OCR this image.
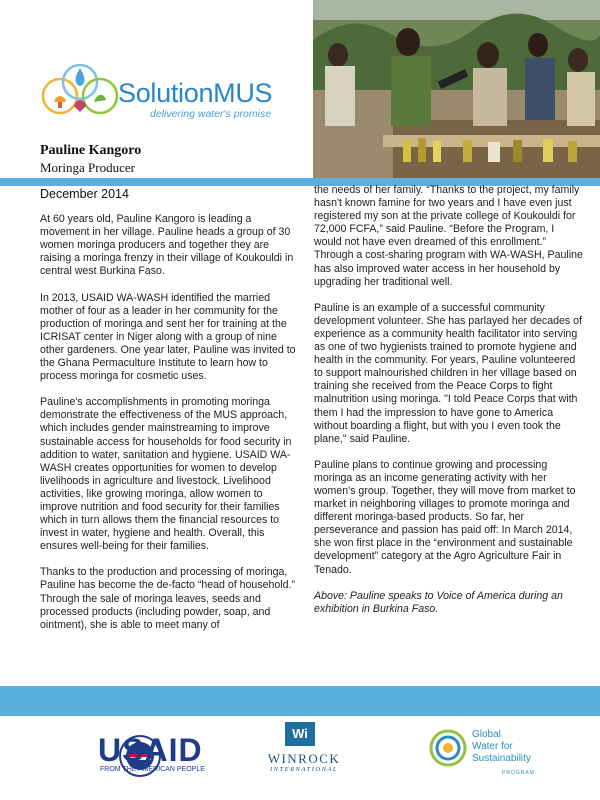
SolutionMUS
delivering water's promise
Pauline Kangoro
Moringa Producer

December 2014

At 60 years old, Pauline Kangoro is leading a movement in her village. Pauline heads a group of 30 women moringa producers and together they are raising a moringa frenzy in their village of Koukouldi in central west Burkina Faso.

In 2013, USAID WA-WASH identified the married mother of four as a leader in her community for the production of moringa and sent her for training at the ICRISAT center in Niger along with a group of nine other gardeners. One year later, Pauline was invited to the Ghana Permaculture Institute to learn how to process moringa for cosmetic uses.

Pauline's accomplishments in promoting moringa demonstrate the effectiveness of the MUS approach, which includes gender mainstreaming to improve sustainable access for households for food security in addition to water, sanitation and hygiene. USAID WA-WASH creates opportunities for women to develop livelihoods in agriculture and livestock. Livelihood activities, like growing moringa, allow women to improve nutrition and food security for their families which in turn allows them the financial resources to invest in water, hygiene and health. Overall, this ensures well-being for their families.

Thanks to the production and processing of moringa, Pauline has become the de-facto “head of household.” Through the sale of moringa leaves, seeds and processed products (including powder, soap, and ointment), she is able to meet many of

the needs of her family. “Thanks to the project, my family hasn't known famine for two years and I have even just registered my son at the private college of Koukouldi for 72,000 FCFA,” said Pauline. “Before the Program, I would not have even dreamed of this enrollment.” Through a cost-sharing program with WA-WASH, Pauline has also improved water access in her household by upgrading her traditional well.

Pauline is an example of a successful community development volunteer. She has parlayed her decades of experience as a community health facilitator into serving as one of two hygienists trained to promote hygiene and health in the community. For years, Pauline volunteered to support malnourished children in her village based on training she received from the Peace Corps to fight malnutrition using moringa. "I told Peace Corps that with them I had the impression to have gone to America without boarding a flight, but with you I even took the plane," said Pauline.

Pauline plans to continue growing and processing moringa as an income generating activity with her women's group. Together, they will move from market to market in neighboring villages to promote moringa and different moringa-based products. So far, her perseverance and passion has paid off: In March 2014, she won first place in the “environment and sustainable development” category at the Agro Agriculture Fair in Tenado.

Above: Pauline speaks to Voice of America during an exhibition in Burkina Faso.

USAID
FROM THE AMERICAN PEOPLE
Wi
WINROCK
INTERNATIONAL
Global
Water for
Sustainability
PROGRAM
